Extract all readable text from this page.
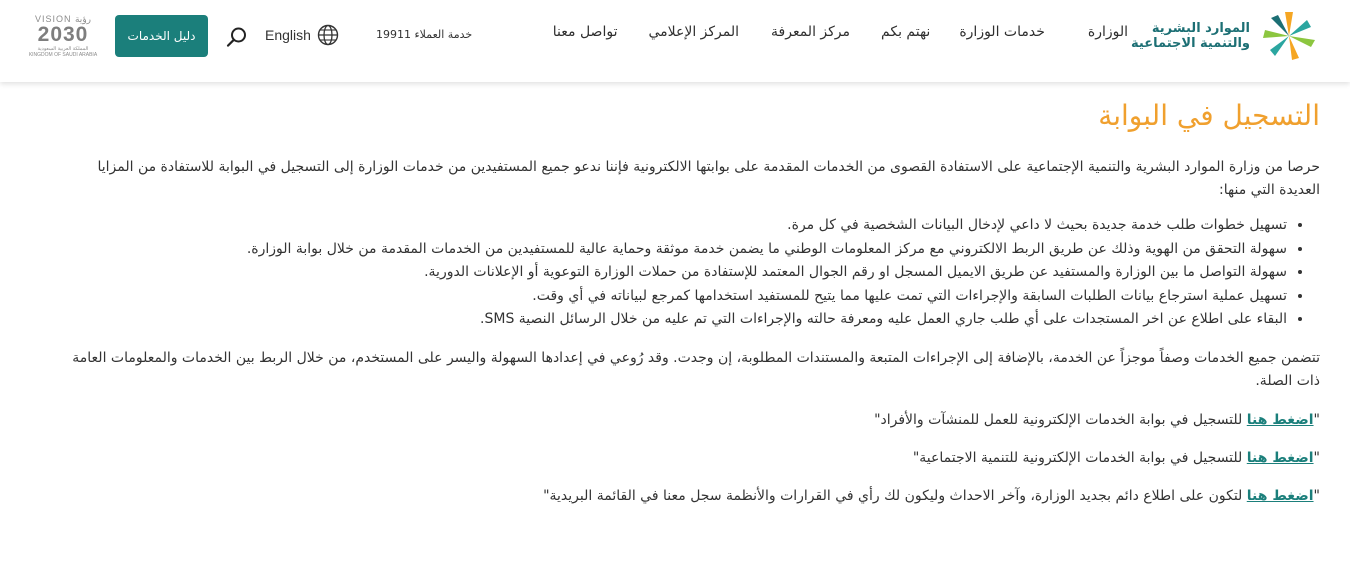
الموارد البشرية
والتنمية الاجتماعية
الوزارة
خدمات الوزارة
نهتم بكم
مركز المعرفة
المركز الإعلامي
تواصل معنا
خدمة العملاء 19911
English
دليل الخدمات
VISION رؤية
2030
المملكة العربية السعودية KINGDOM OF SAUDI ARABIA
التسجيل في البوابة

حرصا من وزارة الموارد البشرية والتنمية الإجتماعية على الاستفادة القصوى من الخدمات المقدمة على بوابتها الالكترونية فإننا ندعو جميع المستفيدين من خدمات الوزارة إلى التسجيل في البوابة للاستفادة من المزايا العديدة التي منها:

• تسهيل خطوات طلب خدمة جديدة بحيث لا داعي لإدخال البيانات الشخصية في كل مرة.
• سهولة التحقق من الهوية وذلك عن طريق الربط الالكتروني مع مركز المعلومات الوطني ما يضمن خدمة موثقة وحماية عالية للمستفيدين من الخدمات المقدمة من خلال بوابة الوزارة.
• سهولة التواصل ما بين الوزارة والمستفيد عن طريق الايميل المسجل او رقم الجوال المعتمد للإستفادة من حملات الوزارة التوعوية أو الإعلانات الدورية.
• تسهيل عملية استرجاع بيانات الطلبات السابقة والإجراءات التي تمت عليها مما يتيح للمستفيد استخدامها كمرجع لبياناته في أي وقت.
• البقاء على اطلاع عن اخر المستجدات على أي طلب جاري العمل عليه ومعرفة حالته والإجراءات التي تم عليه من خلال الرسائل النصية SMS.

تتضمن جميع الخدمات وصفاً موجزاً عن الخدمة، بالإضافة إلى الإجراءات المتبعة والمستندات المطلوبة، إن وجدت. وقد رُوعي في إعدادها السهولة واليسر على المستخدم، من خلال الربط بين الخدمات والمعلومات العامة ذات الصلة.

"اضغط هنا للتسجيل في بوابة الخدمات الإلكترونية للعمل للمنشآت والأفراد"

"اضغط هنا للتسجيل في بوابة الخدمات الإلكترونية للتنمية الاجتماعية"

"اضغط هنا لتكون على اطلاع دائم بجديد الوزارة، وآخر الاحداث وليكون لك رأي في القرارات والأنظمة سجل معنا في القائمة البريدية"
